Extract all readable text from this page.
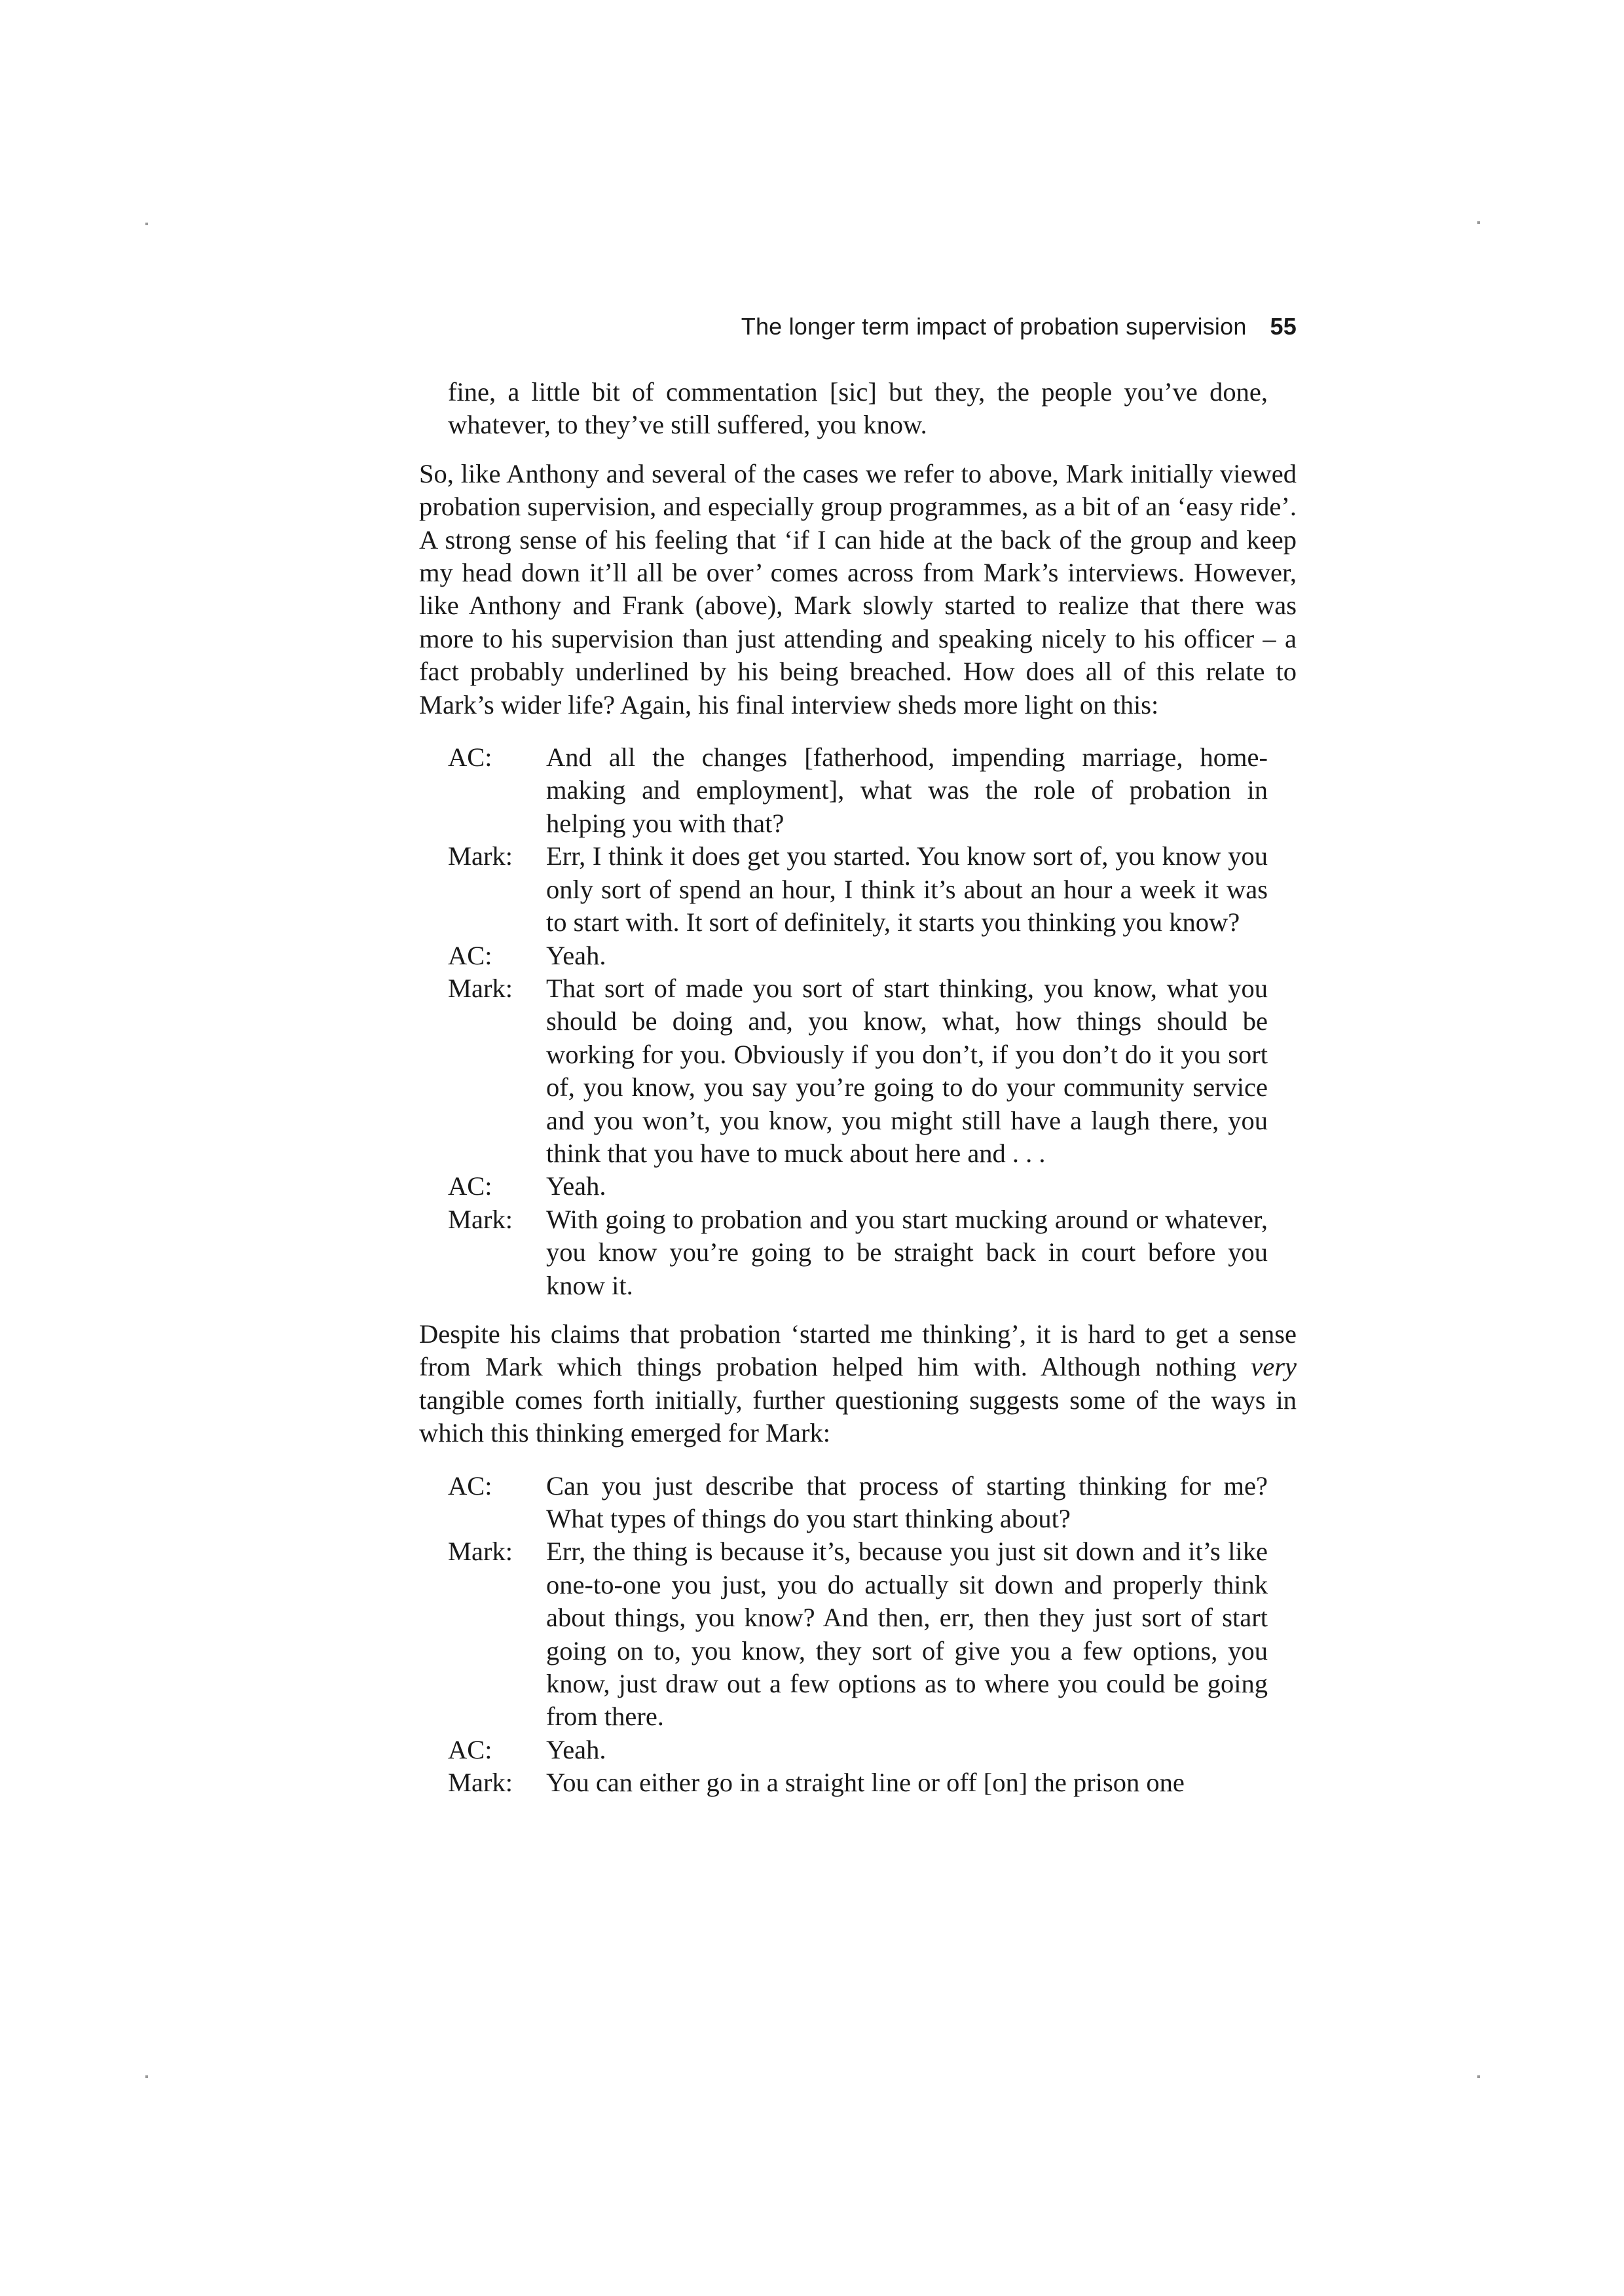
The longer term impact of probation supervision 55

fine, a little bit of commentation [sic] but they, the people you’ve done, whatever, to they’ve still suffered, you know.

So, like Anthony and several of the cases we refer to above, Mark initially viewed probation supervision, and especially group programmes, as a bit of an ‘easy ride’. A strong sense of his feeling that ‘if I can hide at the back of the group and keep my head down it’ll all be over’ comes across from Mark’s interviews. However, like Anthony and Frank (above), Mark slowly started to realize that there was more to his supervision than just attending and speaking nicely to his officer – a fact probably underlined by his being breached. How does all of this relate to Mark’s wider life? Again, his final interview sheds more light on this:

AC:	And all the changes [fatherhood, impending marriage, home-making and employment], what was the role of probation in helping you with that?
Mark:	Err, I think it does get you started. You know sort of, you know you only sort of spend an hour, I think it’s about an hour a week it was to start with. It sort of definitely, it starts you thinking you know?
AC:	Yeah.
Mark:	That sort of made you sort of start thinking, you know, what you should be doing and, you know, what, how things should be working for you. Obviously if you don’t, if you don’t do it you sort of, you know, you say you’re going to do your community service and you won’t, you know, you might still have a laugh there, you think that you have to muck about here and . . .
AC:	Yeah.
Mark:	With going to probation and you start mucking around or whatever, you know you’re going to be straight back in court before you know it.

Despite his claims that probation ‘started me thinking’, it is hard to get a sense from Mark which things probation helped him with. Although nothing very tangible comes forth initially, further questioning suggests some of the ways in which this thinking emerged for Mark:

AC:	Can you just describe that process of starting thinking for me? What types of things do you start thinking about?
Mark:	Err, the thing is because it’s, because you just sit down and it’s like one-to-one you just, you do actually sit down and properly think about things, you know? And then, err, then they just sort of start going on to, you know, they sort of give you a few options, you know, just draw out a few options as to where you could be going from there.
AC:	Yeah.
Mark:	You can either go in a straight line or off [on] the prison one
